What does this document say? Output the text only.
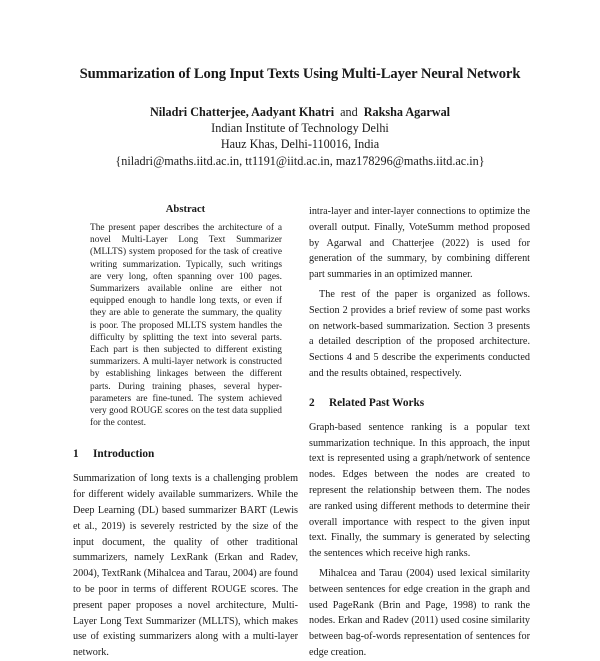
Summarization of Long Input Texts Using Multi-Layer Neural Network
Niladri Chatterjee, Aadyant Khatri and Raksha Agarwal
Indian Institute of Technology Delhi
Hauz Khas, Delhi-110016, India
{niladri@maths.iitd.ac.in, tt1191@iitd.ac.in, maz178296@maths.iitd.ac.in}
Abstract
The present paper describes the architecture of a novel Multi-Layer Long Text Summarizer (MLLTS) system proposed for the task of creative writing summarization. Typically, such writings are very long, often spanning over 100 pages. Summarizers available online are either not equipped enough to handle long texts, or even if they are able to generate the summary, the quality is poor. The proposed MLLTS system handles the difficulty by splitting the text into several parts. Each part is then subjected to different existing summarizers. A multi-layer network is constructed by establishing linkages between the different parts. During training phases, several hyper-parameters are fine-tuned. The system achieved very good ROUGE scores on the test data supplied for the contest.
1 Introduction

Summarization of long texts is a challenging problem for different widely available summarizers. While the Deep Learning (DL) based summarizer BART (Lewis et al., 2019) is severely restricted by the size of the input document, the quality of other traditional summarizers, namely LexRank (Erkan and Radev, 2004), TextRank (Mihalcea and Tarau, 2004) are found to be poor in terms of different ROUGE scores. The present paper proposes a novel architecture, Multi-Layer Long Text Summarizer (MLLTS), which makes use of existing summarizers along with a multi-layer network.

intra-layer and inter-layer connections to optimize the overall output. Finally, VoteSumm method proposed by Agarwal and Chatterjee (2022) is used for generation of the summary, by combining different part summaries in an optimized manner.

The rest of the paper is organized as follows. Section 2 provides a brief review of some past works on network-based summarization. Section 3 presents a detailed description of the proposed architecture. Sections 4 and 5 describe the experiments conducted and the results obtained, respectively.

2 Related Past Works

Graph-based sentence ranking is a popular text summarization technique. In this approach, the input text is represented using a graph/network of sentence nodes. Edges between the nodes are created to represent the relationship between them. The nodes are ranked using different methods to determine their overall importance with respect to the given input text. Finally, the summary is generated by selecting the sentences which receive high ranks.

Mihalcea and Tarau (2004) used lexical similarity between sentences for edge creation in the graph and used PageRank (Brin and Page, 1998) to rank the nodes. Erkan and Radev (2011) used cosine similarity between bag-of-words representation of sentences for edge creation.
